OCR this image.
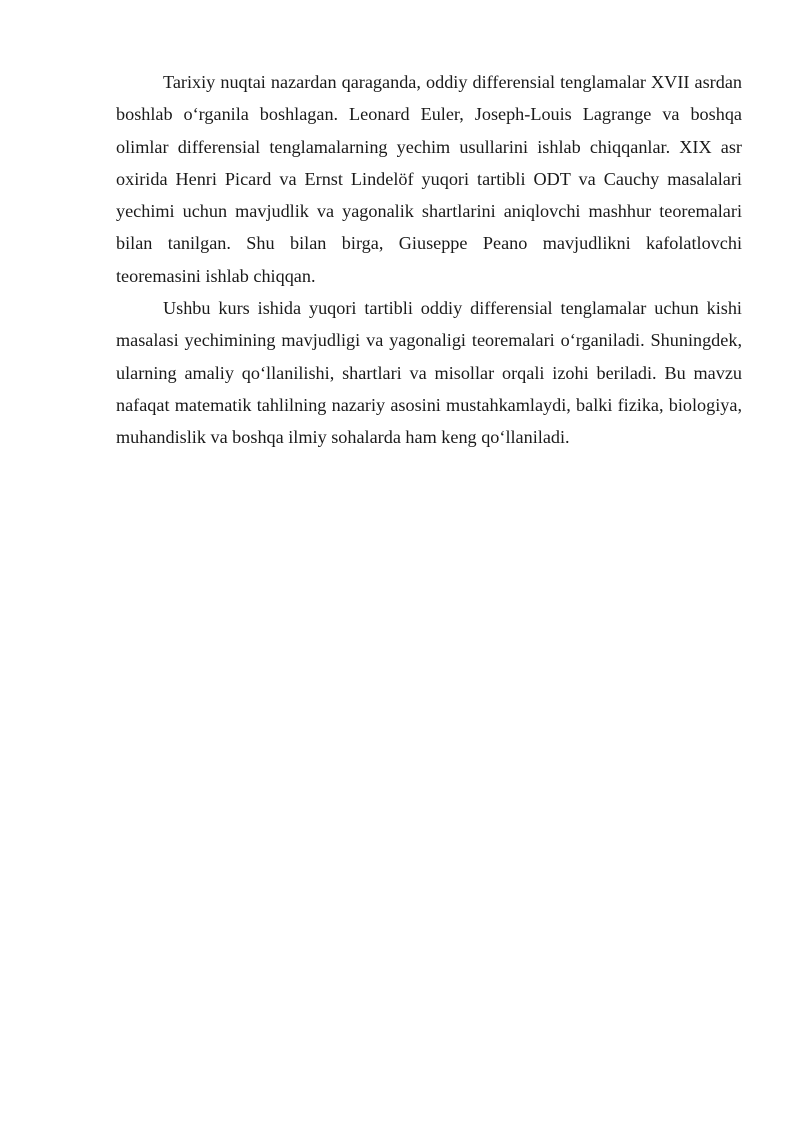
Tarixiy nuqtai nazardan qaraganda, oddiy differensial tenglamalar XVII asrdan boshlab o‘rganila boshlagan. Leonard Euler, Joseph-Louis Lagrange va boshqa olimlar differensial tenglamalarning yechim usullarini ishlab chiqqanlar. XIX asr oxirida Henri Picard va Ernst Lindelöf yuqori tartibli ODT va Cauchy masalalari yechimi uchun mavjudlik va yagonalik shartlarini aniqlovchi mashhur teoremalari bilan tanilgan. Shu bilan birga, Giuseppe Peano mavjudlikni kafolatlovchi teoremasini ishlab chiqqan.

Ushbu kurs ishida yuqori tartibli oddiy differensial tenglamalar uchun kishi masalasi yechimining mavjudligi va yagonaligi teoremalari o‘rganiladi. Shuningdek, ularning amaliy qo‘llanilishi, shartlari va misollar orqali izohi beriladi. Bu mavzu nafaqat matematik tahlilning nazariy asosini mustahkamlaydi, balki fizika, biologiya, muhandislik va boshqa ilmiy sohalarda ham keng qo‘llaniladi.
